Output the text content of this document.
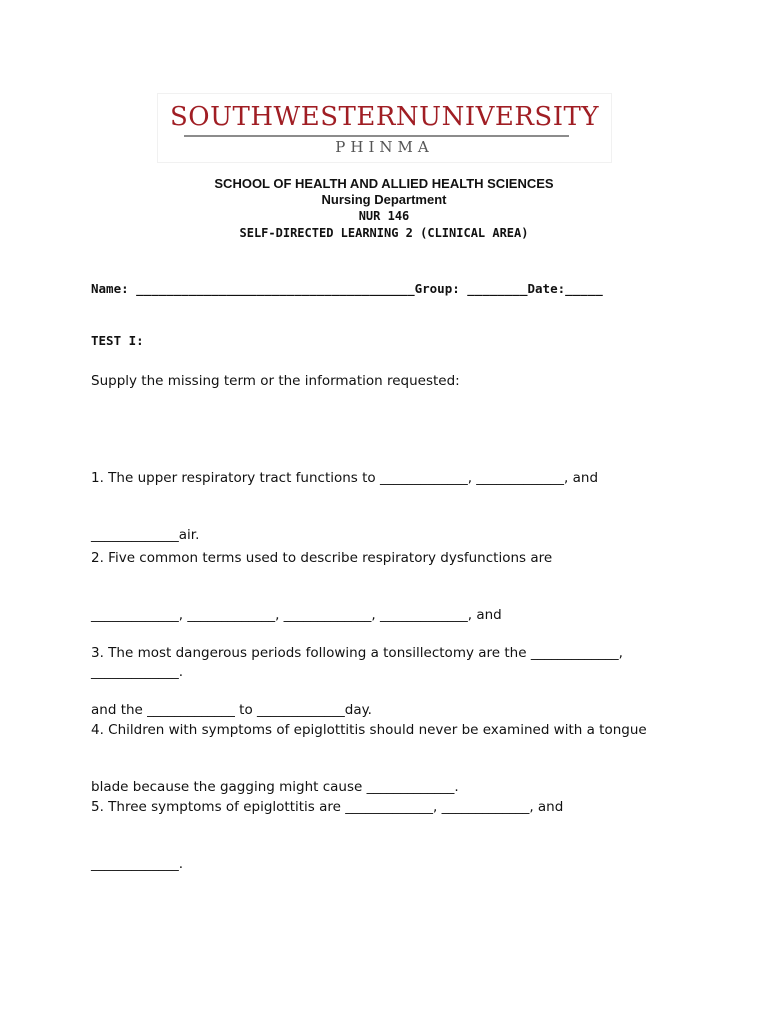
SOUTHWESTERNUNIVERSITY
PHINMA
SCHOOL OF HEALTH AND ALLIED HEALTH SCIENCES
Nursing Department
NUR 146
SELF-DIRECTED LEARNING 2 (CLINICAL AREA)
Name: _____________________________________Group: ________Date:_____
TEST I:
Supply the missing term or the information requested:

1. The upper respiratory tract functions to _____________, _____________, and

_____________air.

2. Five common terms used to describe respiratory dysfunctions are

_____________, _____________, _____________, _____________, and

_____________.

3. The most dangerous periods following a tonsillectomy are the _____________,

and the _____________ to _____________day.

4. Children with symptoms of epiglottitis should never be examined with a tongue

blade because the gagging might cause _____________.

5. Three symptoms of epiglottitis are _____________, _____________, and

_____________.
